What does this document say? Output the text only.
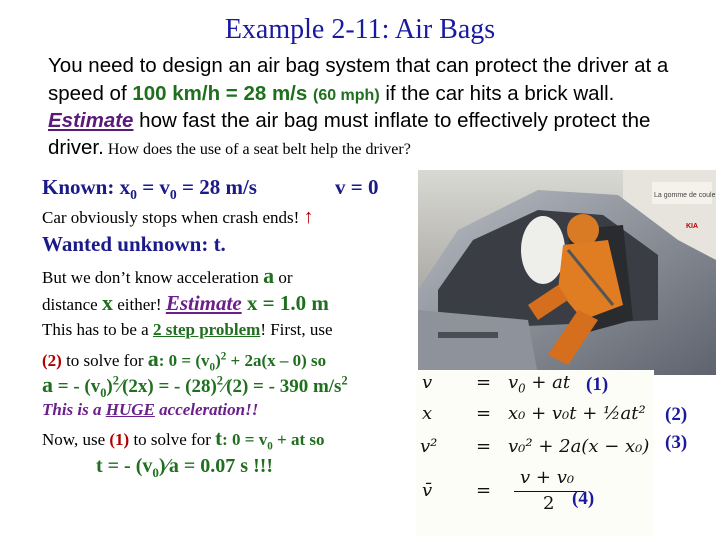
Example 2-11: Air Bags
You need to design an air bag system that can protect the driver at a
speed of 100 km/h = 28 m/s (60 mph) if the car hits a brick wall.
Estimate how fast the air bag must inflate to effectively protect the
driver. How does the use of a seat belt help the driver?
Known: $x_0 = v_0 = 28$ m/s	v = 0
Car obviously stops when crash ends! ↑
Wanted unknown: t.
But we don’t know acceleration a or
distance x either! Estimate x = 1.0 m
This has to be a 2 step problem! First, use
(2) to solve for a: $0 = (v_0)^2 + 2a(x - 0)$ so
a = - $(v_0)^2⁄(2x)$ = - $(28)^2⁄(2)$ = - 390 $m/s^2$
This is a HUGE acceleration!!
Now, use (1) to solve for t: $0 = v_0$ + at so
t = - $(v_0)⁄a = 0.07$ s !!!
La gomme de coule
KIA
$v = v_0$ + at
x = x₀ + v₀t + ½at²
v² = v₀² + 2a(x − x₀)
v̄ =
v + v₀
2
(1)
(2)
(3)
(4)
